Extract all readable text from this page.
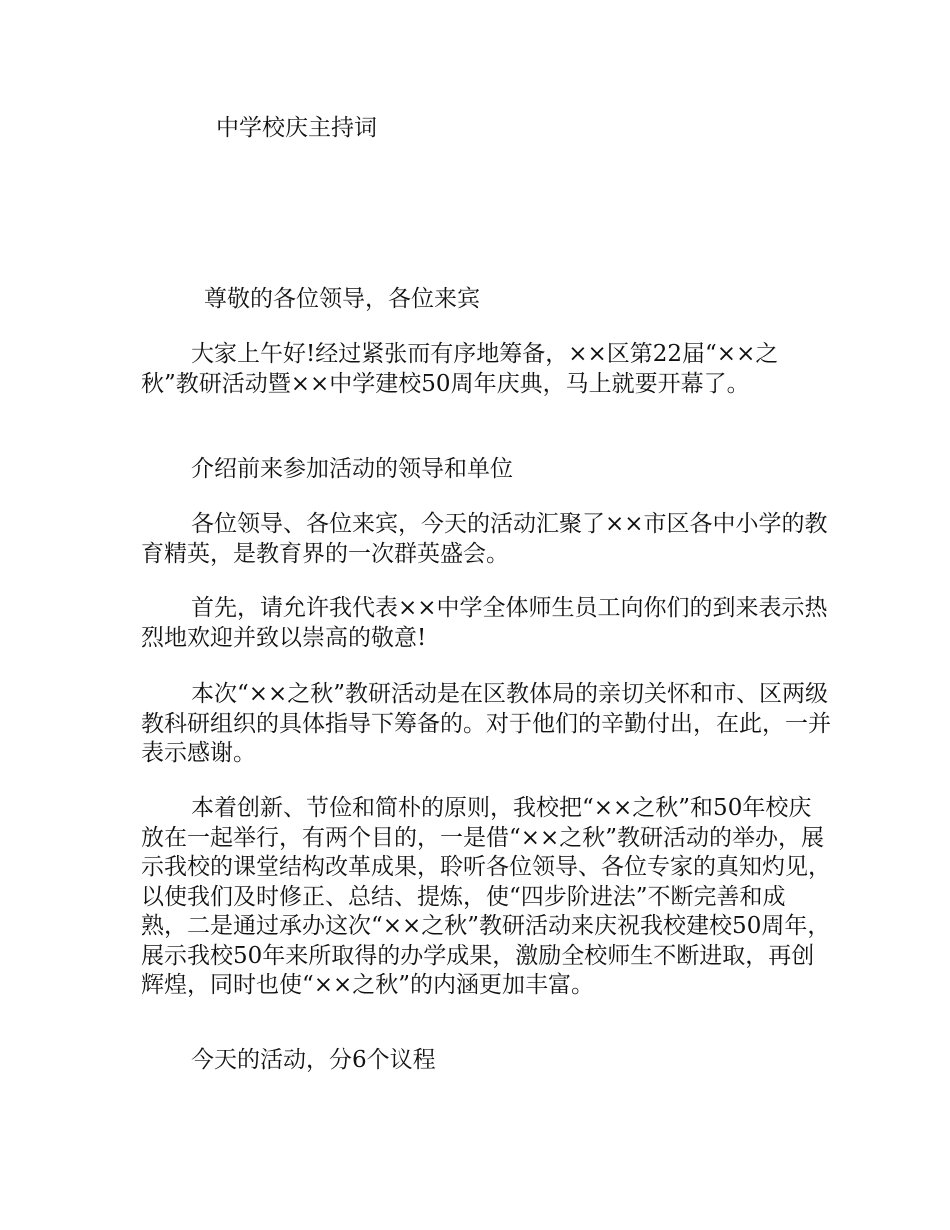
中学校庆主持词
尊敬的各位领导，各位来宾

大家上午好!经过紧张而有序地筹备，××区第22届“××之秋”教研活动暨××中学建校50周年庆典，马上就要开幕了。

介绍前来参加活动的领导和单位

各位领导、各位来宾，今天的活动汇聚了××市区各中小学的教育精英，是教育界的一次群英盛会。

首先，请允许我代表××中学全体师生员工向你们的到来表示热烈地欢迎并致以崇高的敬意!

本次“××之秋”教研活动是在区教体局的亲切关怀和市、区两级教科研组织的具体指导下筹备的。对于他们的辛勤付出，在此，一并表示感谢。

本着创新、节俭和简朴的原则，我校把“××之秋”和50年校庆放在一起举行，有两个目的，一是借“××之秋”教研活动的举办，展示我校的课堂结构改革成果，聆听各位领导、各位专家的真知灼见，以使我们及时修正、总结、提炼，使“四步阶进法”不断完善和成熟，二是通过承办这次“××之秋”教研活动来庆祝我校建校50周年，展示我校50年来所取得的办学成果，激励全校师生不断进取，再创辉煌，同时也使“××之秋”的内涵更加丰富。

今天的活动，分6个议程
